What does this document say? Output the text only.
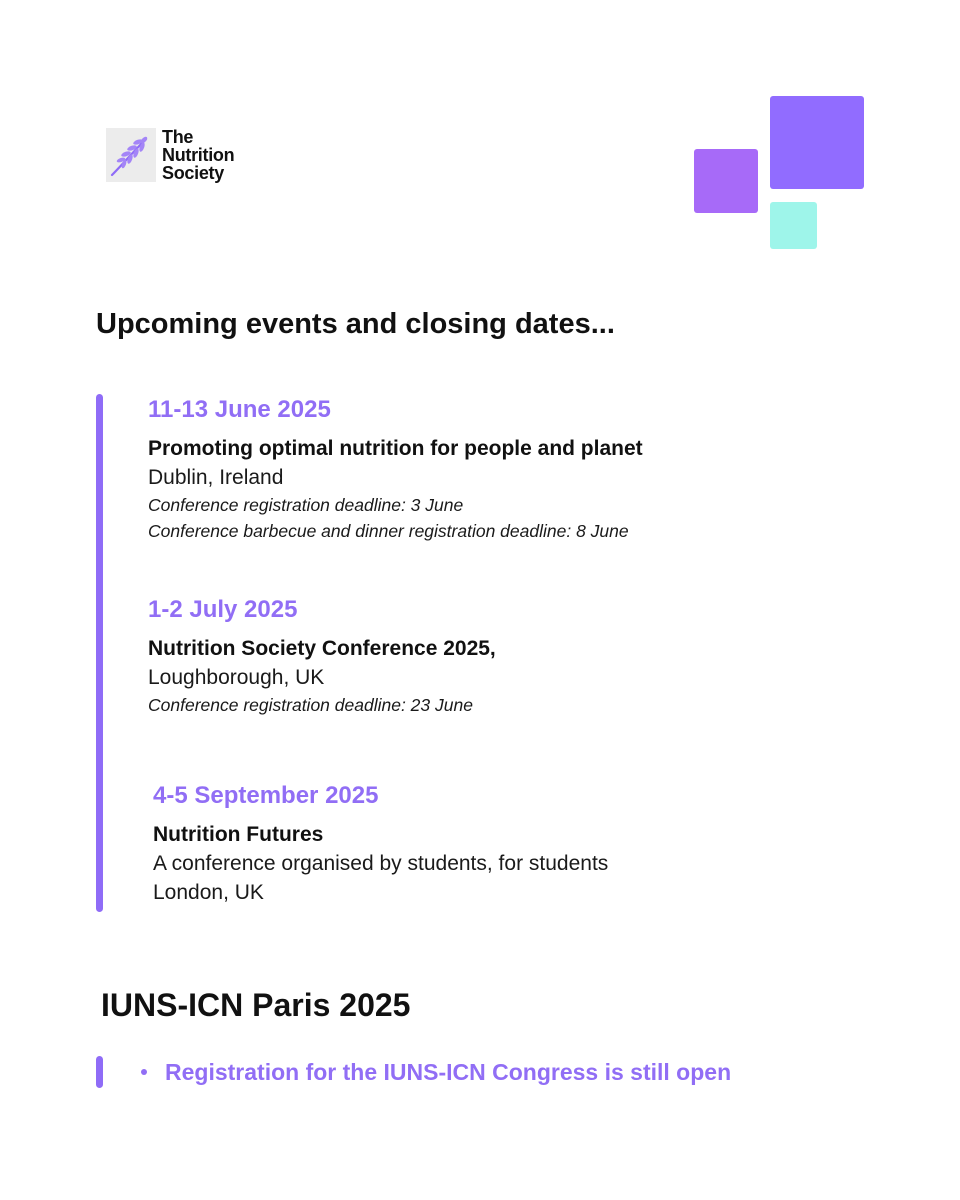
The
Nutrition
Society
Upcoming events and closing dates...
11-13 June 2025
Promoting optimal nutrition for people and planet
Dublin, Ireland
Conference registration deadline: 3 June
Conference barbecue and dinner registration deadline: 8 June
1-2 July 2025
Nutrition Society Conference 2025,
Loughborough, UK
Conference registration deadline: 23 June
4-5 September 2025
Nutrition Futures
A conference organised by students, for students
London, UK
IUNS-ICN Paris 2025
Registration for the IUNS-ICN Congress is still open
